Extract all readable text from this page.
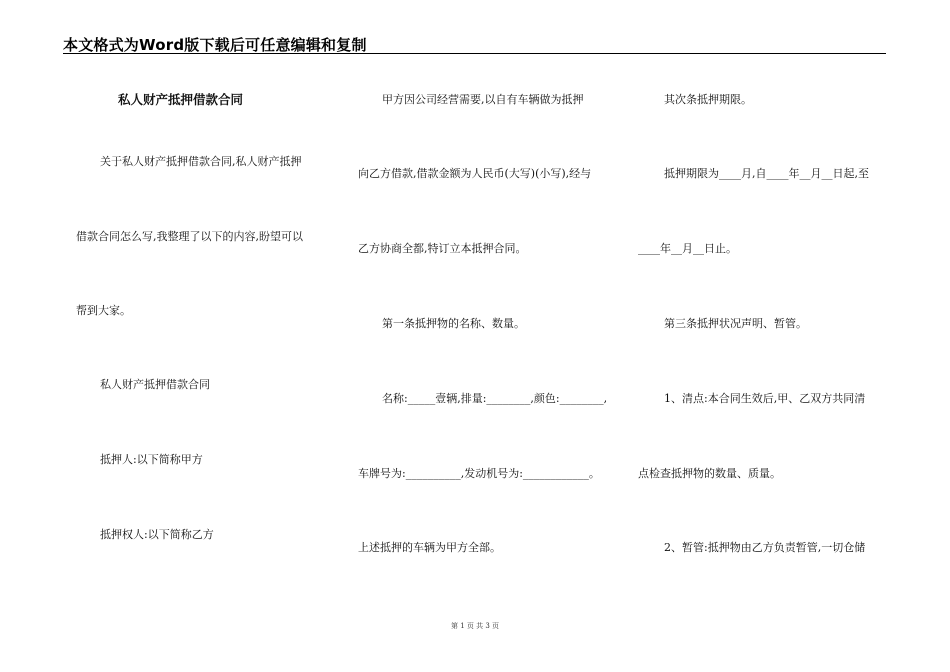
本文格式为Word版下载后可任意编辑和复制
私人财产抵押借款合同
关于私人财产抵押借款合同,私人财产抵押
借款合同怎么写,我整理了以下的内容,盼望可以
帮到大家。
私人财产抵押借款合同
抵押人:以下简称甲方
抵押权人:以下简称乙方
甲方因公司经营需要,以自有车辆做为抵押
向乙方借款,借款金额为人民币(大写)(小写),经与
乙方协商全都,特订立本抵押合同。
第一条抵押物的名称、数量。
名称:_____壹辆,排量:________,颜色:________,
车牌号为:__________,发动机号为:____________。
上述抵押的车辆为甲方全部。
其次条抵押期限。
抵押期限为____月,自____年__月__日起,至
____年__月__日止。
第三条抵押状况声明、暂管。
1、清点:本合同生效后,甲、乙双方共同清
点检查抵押物的数量、质量。
2、暂管:抵押物由乙方负责暂管,一切仓储
第 1 页 共 3 页
